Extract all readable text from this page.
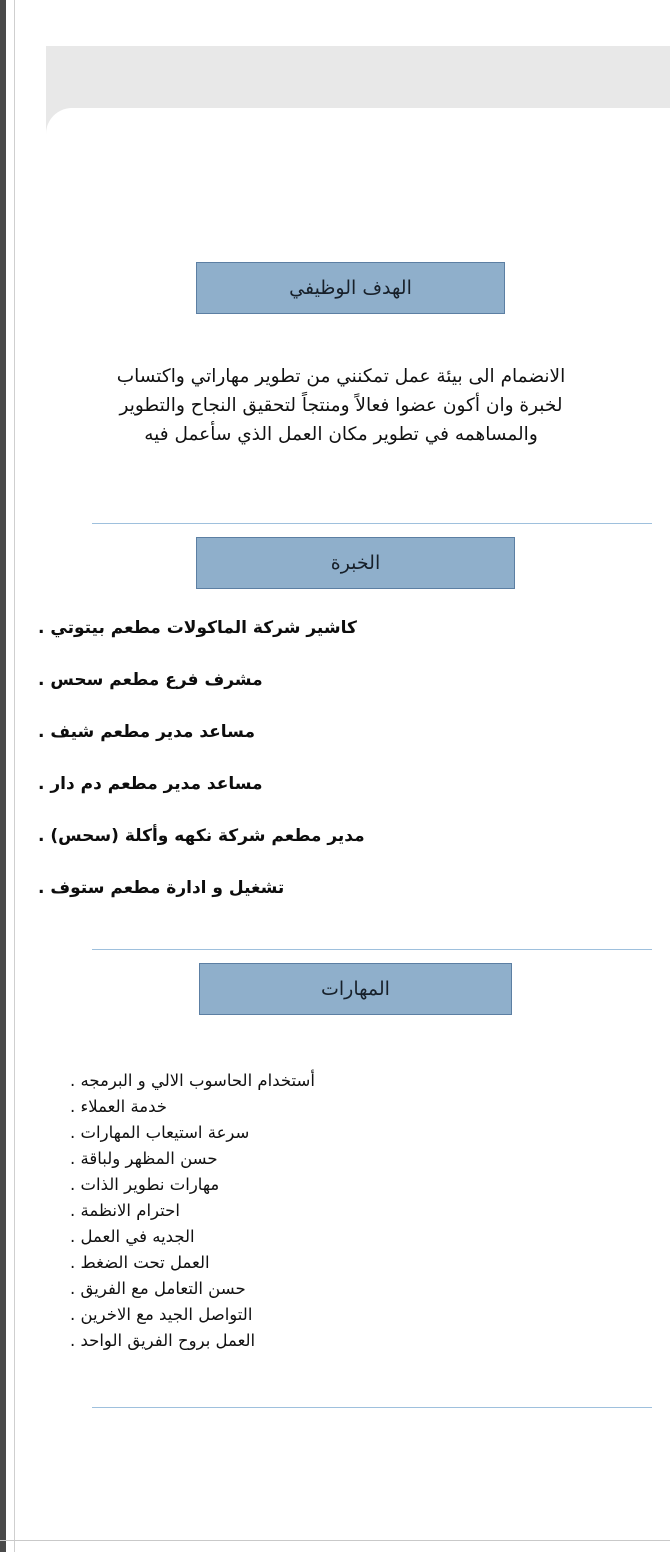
الهدف الوظيفي
الانضمام الى بيئة عمل تمكنني من تطوير مهاراتي واكتساب لخبرة وان أكون عضوا فعالاً ومنتجاً لتحقيق النجاح والتطوير والمساهمه في تطوير مكان العمل الذي سأعمل فيه
الخبرة
كاشير شركة الماكولات مطعم بيتوتي .
مشرف فرع مطعم سحس .
مساعد مدير مطعم شيف .
مساعد مدير مطعم دم دار .
مدير مطعم شركة نكهه وأكلة (سحس) .
تشغيل و ادارة مطعم ستوف .
المهارات
أستخدام الحاسوب الالي و البرمجه .
خدمة العملاء .
سرعة استيعاب المهارات .
حسن المظهر ولباقة .
مهارات نطوير الذات .
احترام الانظمة .
الجديه في العمل .
العمل تحت الضغط .
حسن التعامل مع الفريق .
التواصل الجيد مع الاخرين .
العمل بروح الفريق الواحد .
